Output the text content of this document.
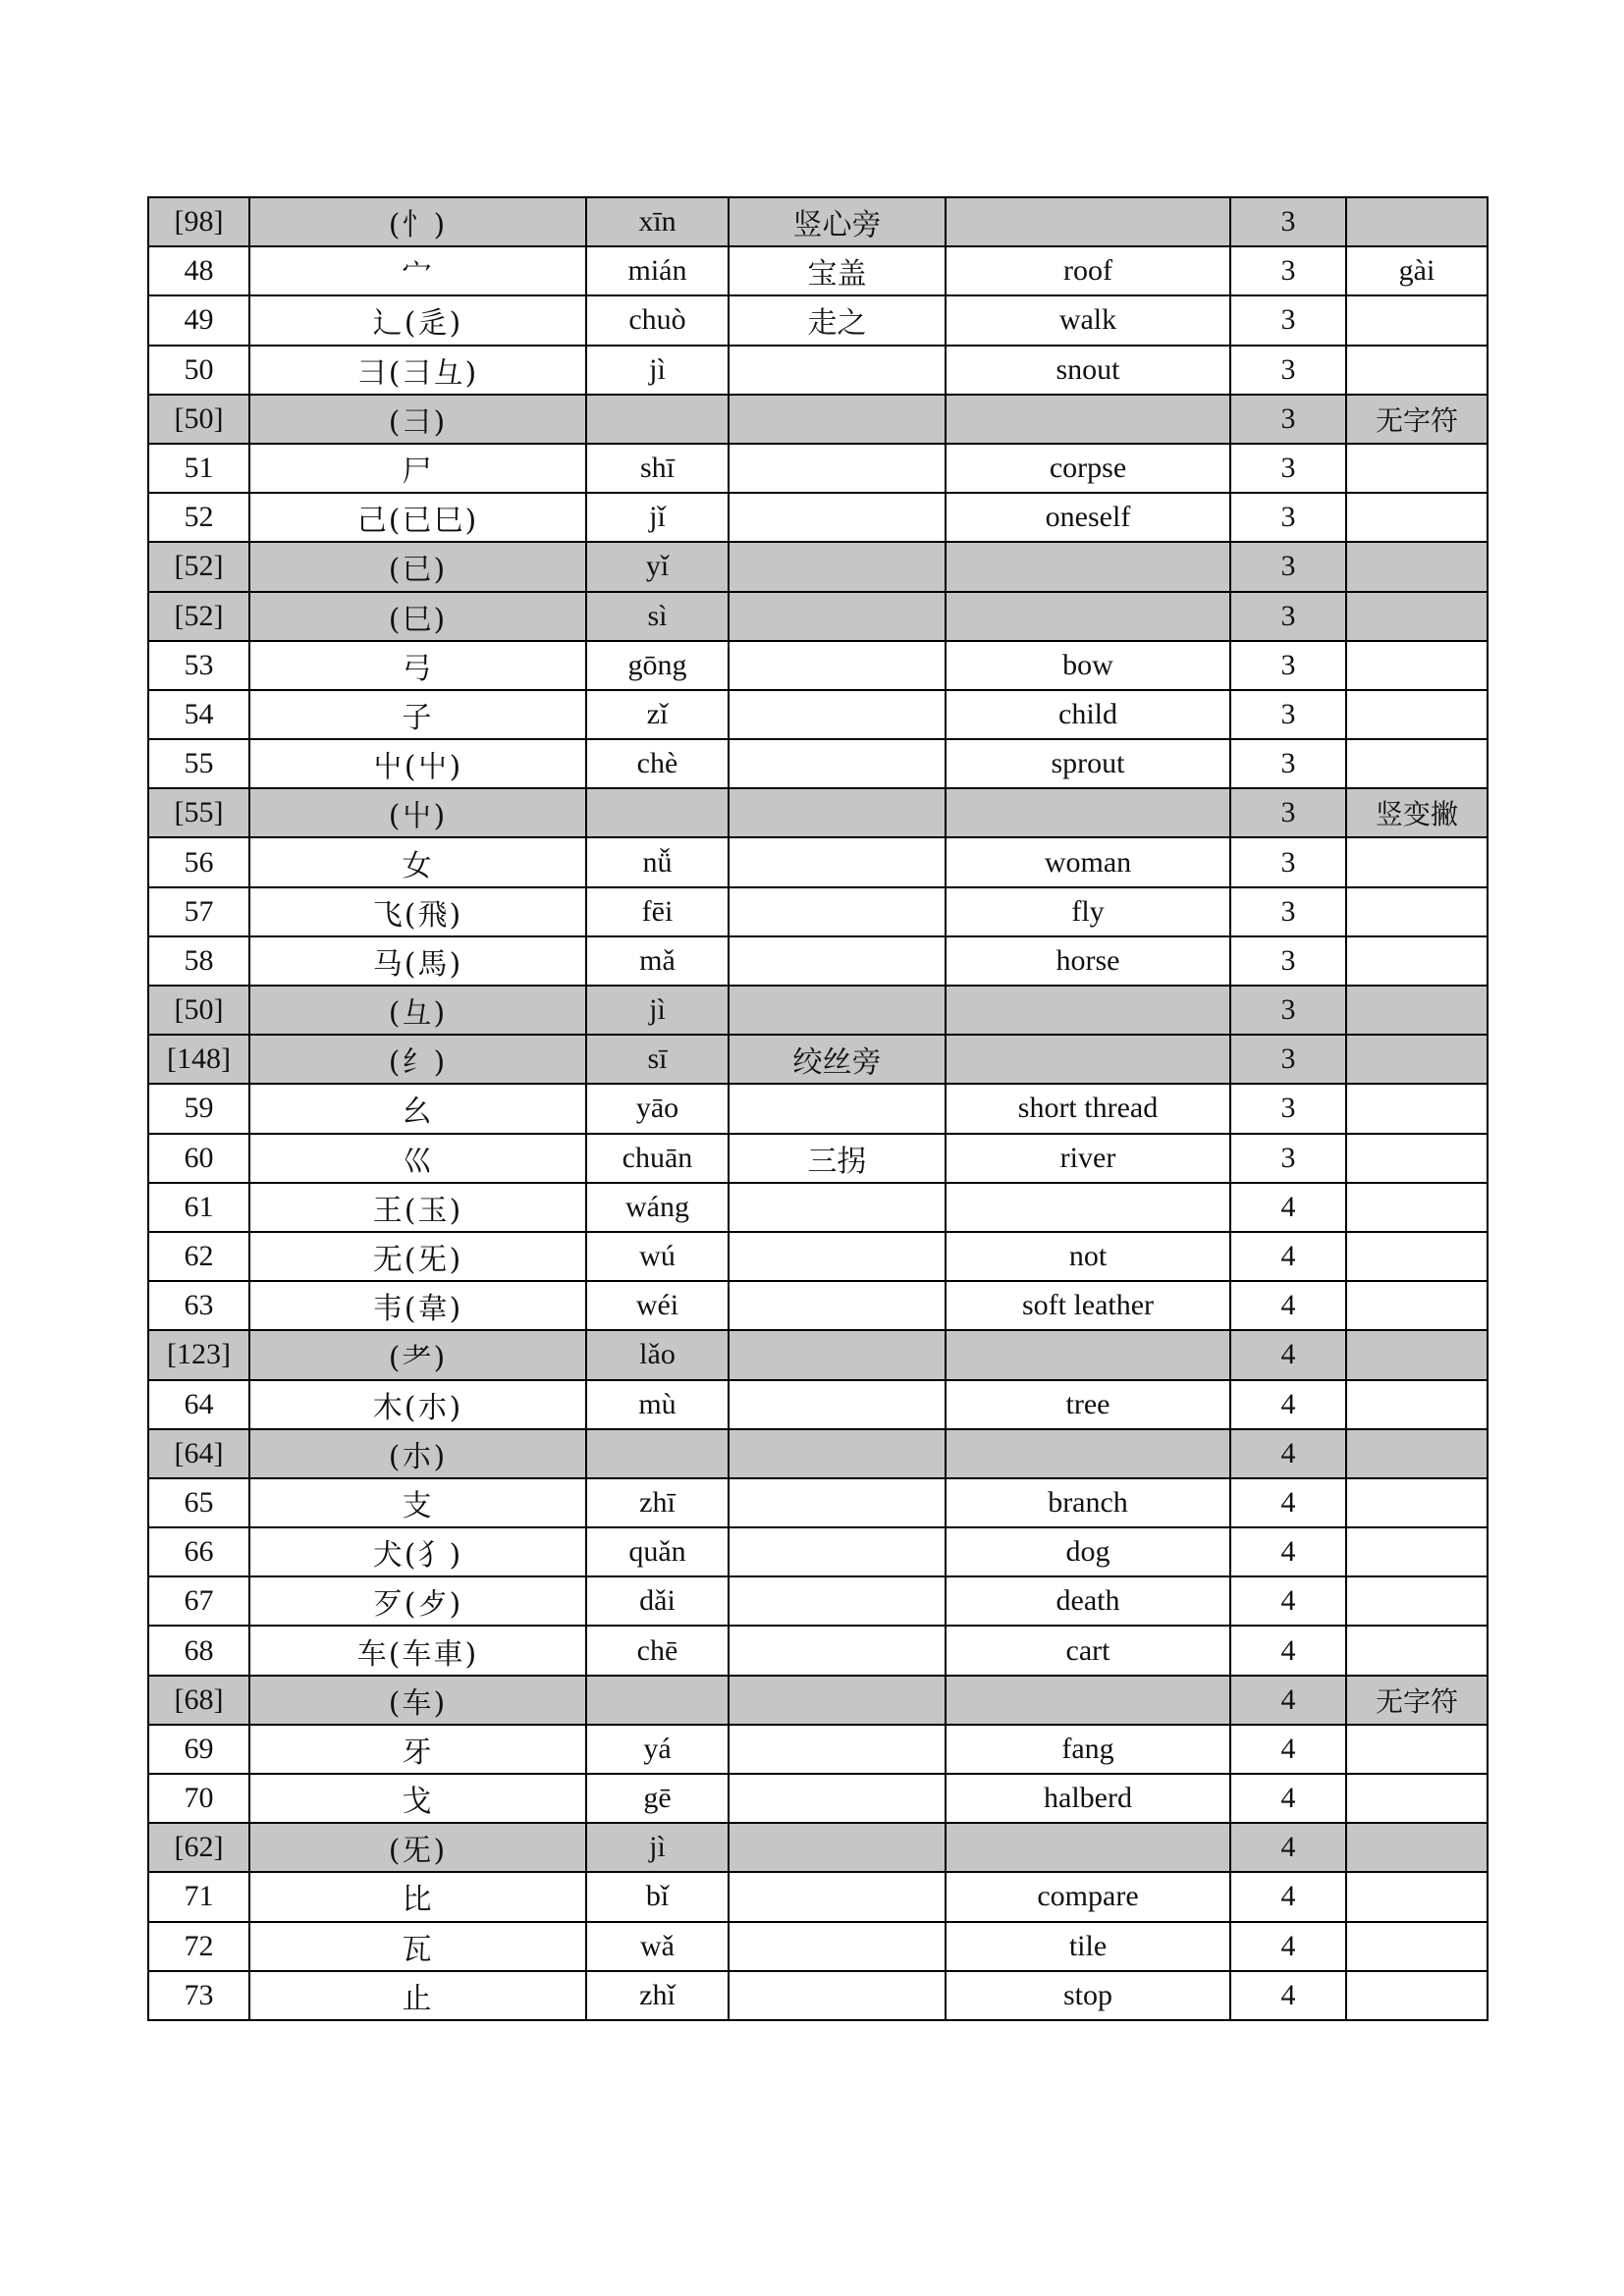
[98]	(忄)	xīn	竖心旁		3	
48	宀	mián	宝盖	roof	3	gài
49	辶(辵)	chuò	走之	walk	3	
50	彐(⺕彑)	jì		snout	3	
[50]	(⺕)				3	无字符
51	尸	shī		corpse	3	
52	己(已巳)	jǐ		oneself	3	
[52]	(已)	yǐ			3	
[52]	(巳)	sì			3	
53	弓	gōng		bow	3	
54	子	zǐ		child	3	
55	屮(屮)	chè		sprout	3	
[55]	(屮)				3	竖变撇
56	女	nǚ		woman	3	
57	飞(飛)	fēi		fly	3	
58	马(馬)	mǎ		horse	3	
[50]	(彑)	jì			3	
[148]	(纟)	sī	绞丝旁		3	
59	幺	yāo		short thread	3	
60	巛	chuān	三拐	river	3	
61	王(玉)	wáng			4	
62	无(旡)	wú		not	4	
63	韦(韋)	wéi		soft leather	4	
[123]	(耂)	lǎo			4	
64	木(朩)	mù		tree	4	
[64]	(朩)				4	
65	支	zhī		branch	4	
66	犬(犭)	quǎn		dog	4	
67	歹(歺)	dǎi		death	4	
68	车(车車)	chē		cart	4	
[68]	(车)				4	无字符
69	牙	yá		fang	4	
70	戈	gē		halberd	4	
[62]	(旡)	jì			4	
71	比	bǐ		compare	4	
72	瓦	wǎ		tile	4	
73	止	zhǐ		stop	4	
